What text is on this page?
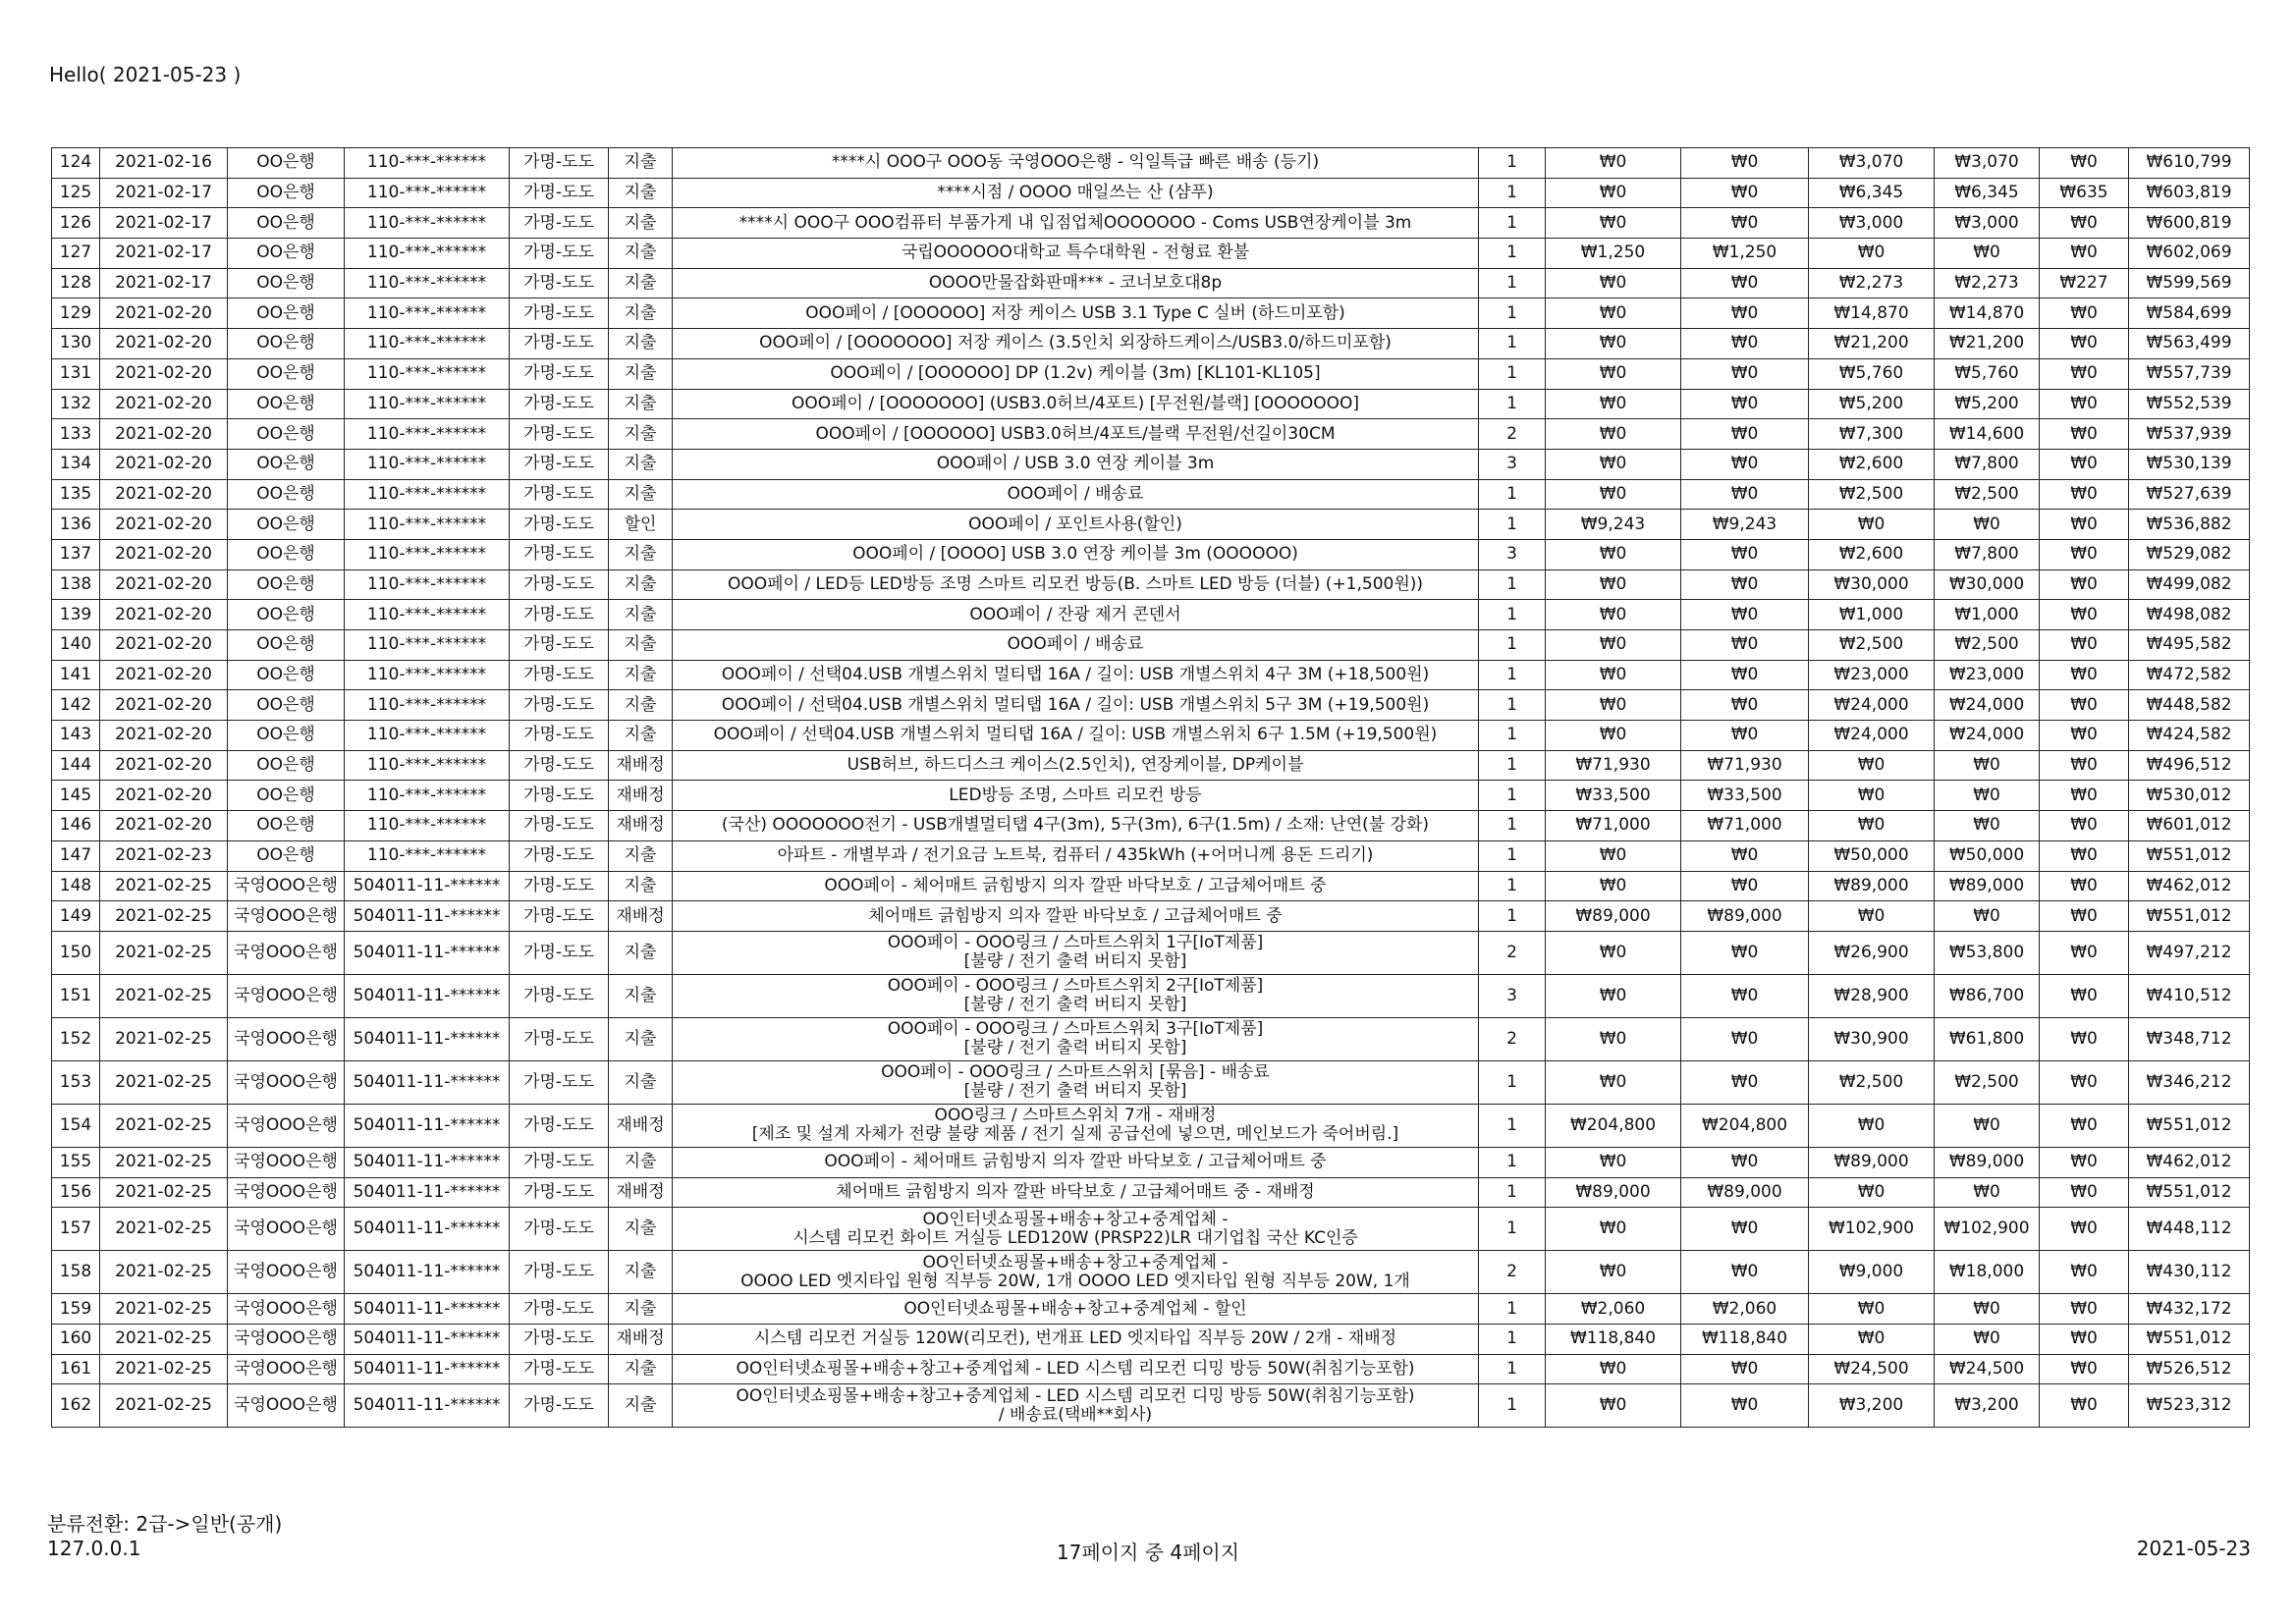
Hello( 2021-05-23 )
124	2021-02-16	OO은행	110-***-******	가명-도도	지출	****시 OOO구 OOO동 국영OOO은행 - 익일특급 빠른 배송 (등기)	1	₩0	₩0	₩3,070	₩3,070	₩0	₩610,799
125	2021-02-17	OO은행	110-***-******	가명-도도	지출	****시점 / OOOO 매일쓰는 산 (샴푸)	1	₩0	₩0	₩6,345	₩6,345	₩635	₩603,819
126	2021-02-17	OO은행	110-***-******	가명-도도	지출	****시 OOO구 OOO컴퓨터 부품가게 내 입점업체OOOOOOO - Coms USB연장케이블 3m	1	₩0	₩0	₩3,000	₩3,000	₩0	₩600,819
127	2021-02-17	OO은행	110-***-******	가명-도도	지출	국립OOOOOO대학교 특수대학원 - 전형료 환불	1	₩1,250	₩1,250	₩0	₩0	₩0	₩602,069
128	2021-02-17	OO은행	110-***-******	가명-도도	지출	OOOO만물잡화판매*** - 코너보호대8p	1	₩0	₩0	₩2,273	₩2,273	₩227	₩599,569
129	2021-02-20	OO은행	110-***-******	가명-도도	지출	OOO페이 / [OOOOOO] 저장 케이스 USB 3.1 Type C 실버 (하드미포함)	1	₩0	₩0	₩14,870	₩14,870	₩0	₩584,699
130	2021-02-20	OO은행	110-***-******	가명-도도	지출	OOO페이 / [OOOOOOO] 저장 케이스 (3.5인치 외장하드케이스/USB3.0/하드미포함)	1	₩0	₩0	₩21,200	₩21,200	₩0	₩563,499
131	2021-02-20	OO은행	110-***-******	가명-도도	지출	OOO페이 / [OOOOOO] DP (1.2v) 케이블 (3m) [KL101-KL105]	1	₩0	₩0	₩5,760	₩5,760	₩0	₩557,739
132	2021-02-20	OO은행	110-***-******	가명-도도	지출	OOO페이 / [OOOOOOO] (USB3.0허브/4포트) [무전원/블랙] [OOOOOOO]	1	₩0	₩0	₩5,200	₩5,200	₩0	₩552,539
133	2021-02-20	OO은행	110-***-******	가명-도도	지출	OOO페이 / [OOOOOO] USB3.0허브/4포트/블랙 무전원/선길이30CM	2	₩0	₩0	₩7,300	₩14,600	₩0	₩537,939
134	2021-02-20	OO은행	110-***-******	가명-도도	지출	OOO페이 / USB 3.0 연장 케이블 3m	3	₩0	₩0	₩2,600	₩7,800	₩0	₩530,139
135	2021-02-20	OO은행	110-***-******	가명-도도	지출	OOO페이 / 배송료	1	₩0	₩0	₩2,500	₩2,500	₩0	₩527,639
136	2021-02-20	OO은행	110-***-******	가명-도도	할인	OOO페이 / 포인트사용(할인)	1	₩9,243	₩9,243	₩0	₩0	₩0	₩536,882
137	2021-02-20	OO은행	110-***-******	가명-도도	지출	OOO페이 / [OOOO] USB 3.0 연장 케이블 3m (OOOOOO)	3	₩0	₩0	₩2,600	₩7,800	₩0	₩529,082
138	2021-02-20	OO은행	110-***-******	가명-도도	지출	OOO페이 / LED등 LED방등 조명 스마트 리모컨 방등(B. 스마트 LED 방등 (더블) (+1,500원))	1	₩0	₩0	₩30,000	₩30,000	₩0	₩499,082
139	2021-02-20	OO은행	110-***-******	가명-도도	지출	OOO페이 / 잔광 제거 콘덴서	1	₩0	₩0	₩1,000	₩1,000	₩0	₩498,082
140	2021-02-20	OO은행	110-***-******	가명-도도	지출	OOO페이 / 배송료	1	₩0	₩0	₩2,500	₩2,500	₩0	₩495,582
141	2021-02-20	OO은행	110-***-******	가명-도도	지출	OOO페이 / 선택04.USB 개별스위치 멀티탭 16A / 길이: USB 개별스위치 4구 3M (+18,500원)	1	₩0	₩0	₩23,000	₩23,000	₩0	₩472,582
142	2021-02-20	OO은행	110-***-******	가명-도도	지출	OOO페이 / 선택04.USB 개별스위치 멀티탭 16A / 길이: USB 개별스위치 5구 3M (+19,500원)	1	₩0	₩0	₩24,000	₩24,000	₩0	₩448,582
143	2021-02-20	OO은행	110-***-******	가명-도도	지출	OOO페이 / 선택04.USB 개별스위치 멀티탭 16A / 길이: USB 개별스위치 6구 1.5M (+19,500원)	1	₩0	₩0	₩24,000	₩24,000	₩0	₩424,582
144	2021-02-20	OO은행	110-***-******	가명-도도	재배정	USB허브, 하드디스크 케이스(2.5인치), 연장케이블, DP케이블	1	₩71,930	₩71,930	₩0	₩0	₩0	₩496,512
145	2021-02-20	OO은행	110-***-******	가명-도도	재배정	LED방등 조명, 스마트 리모컨 방등	1	₩33,500	₩33,500	₩0	₩0	₩0	₩530,012
146	2021-02-20	OO은행	110-***-******	가명-도도	재배정	(국산) OOOOOOO전기 - USB개별멀티탭 4구(3m), 5구(3m), 6구(1.5m) / 소재: 난연(불 강화)	1	₩71,000	₩71,000	₩0	₩0	₩0	₩601,012
147	2021-02-23	OO은행	110-***-******	가명-도도	지출	아파트 - 개별부과 / 전기요금 노트북, 컴퓨터 / 435kWh (+어머니께 용돈 드리기)	1	₩0	₩0	₩50,000	₩50,000	₩0	₩551,012
148	2021-02-25	국영OOO은행	504011-11-******	가명-도도	지출	OOO페이 - 체어매트 긁힘방지 의자 깔판 바닥보호 / 고급체어매트 중	1	₩0	₩0	₩89,000	₩89,000	₩0	₩462,012
149	2021-02-25	국영OOO은행	504011-11-******	가명-도도	재배정	체어매트 긁힘방지 의자 깔판 바닥보호 / 고급체어매트 중	1	₩89,000	₩89,000	₩0	₩0	₩0	₩551,012
150	2021-02-25	국영OOO은행	504011-11-******	가명-도도	지출	OOO페이 - OOO링크 / 스마트스위치 1구[IoT제품]
[불량 / 전기 출력 버티지 못함]	2	₩0	₩0	₩26,900	₩53,800	₩0	₩497,212
151	2021-02-25	국영OOO은행	504011-11-******	가명-도도	지출	OOO페이 - OOO링크 / 스마트스위치 2구[IoT제품]
[불량 / 전기 출력 버티지 못함]	3	₩0	₩0	₩28,900	₩86,700	₩0	₩410,512
152	2021-02-25	국영OOO은행	504011-11-******	가명-도도	지출	OOO페이 - OOO링크 / 스마트스위치 3구[IoT제품]
[불량 / 전기 출력 버티지 못함]	2	₩0	₩0	₩30,900	₩61,800	₩0	₩348,712
153	2021-02-25	국영OOO은행	504011-11-******	가명-도도	지출	OOO페이 - OOO링크 / 스마트스위치 [묶음] - 배송료
[불량 / 전기 출력 버티지 못함]	1	₩0	₩0	₩2,500	₩2,500	₩0	₩346,212
154	2021-02-25	국영OOO은행	504011-11-******	가명-도도	재배정	OOO링크 / 스마트스위치 7개 - 재배정
[제조 및 설계 자체가 전량 불량 제품 / 전기 실제 공급선에 넣으면, 메인보드가 죽어버림.]	1	₩204,800	₩204,800	₩0	₩0	₩0	₩551,012
155	2021-02-25	국영OOO은행	504011-11-******	가명-도도	지출	OOO페이 - 체어매트 긁힘방지 의자 깔판 바닥보호 / 고급체어매트 중	1	₩0	₩0	₩89,000	₩89,000	₩0	₩462,012
156	2021-02-25	국영OOO은행	504011-11-******	가명-도도	재배정	체어매트 긁힘방지 의자 깔판 바닥보호 / 고급체어매트 중 - 재배정	1	₩89,000	₩89,000	₩0	₩0	₩0	₩551,012
157	2021-02-25	국영OOO은행	504011-11-******	가명-도도	지출	OO인터넷쇼핑몰+배송+창고+중계업체 -
시스템 리모컨 화이트 거실등 LED120W (PRSP22)LR 대기업칩 국산 KC인증	1	₩0	₩0	₩102,900	₩102,900	₩0	₩448,112
158	2021-02-25	국영OOO은행	504011-11-******	가명-도도	지출	OO인터넷쇼핑몰+배송+창고+중계업체 -
OOOO LED 엣지타입 원형 직부등 20W, 1개 OOOO LED 엣지타입 원형 직부등 20W, 1개	2	₩0	₩0	₩9,000	₩18,000	₩0	₩430,112
159	2021-02-25	국영OOO은행	504011-11-******	가명-도도	지출	OO인터넷쇼핑몰+배송+창고+중계업체 - 할인	1	₩2,060	₩2,060	₩0	₩0	₩0	₩432,172
160	2021-02-25	국영OOO은행	504011-11-******	가명-도도	재배정	시스템 리모컨 거실등 120W(리모컨), 번개표 LED 엣지타입 직부등 20W / 2개 - 재배정	1	₩118,840	₩118,840	₩0	₩0	₩0	₩551,012
161	2021-02-25	국영OOO은행	504011-11-******	가명-도도	지출	OO인터넷쇼핑몰+배송+창고+중계업체 - LED 시스템 리모컨 디밍 방등 50W(취침기능포함)	1	₩0	₩0	₩24,500	₩24,500	₩0	₩526,512
162	2021-02-25	국영OOO은행	504011-11-******	가명-도도	지출	OO인터넷쇼핑몰+배송+창고+중계업체 - LED 시스템 리모컨 디밍 방등 50W(취침기능포함)
/ 배송료(택배**회사)	1	₩0	₩0	₩3,200	₩3,200	₩0	₩523,312
분류전환: 2급->일반(공개)
127.0.0.1	17페이지 중 4페이지	2021-05-23
